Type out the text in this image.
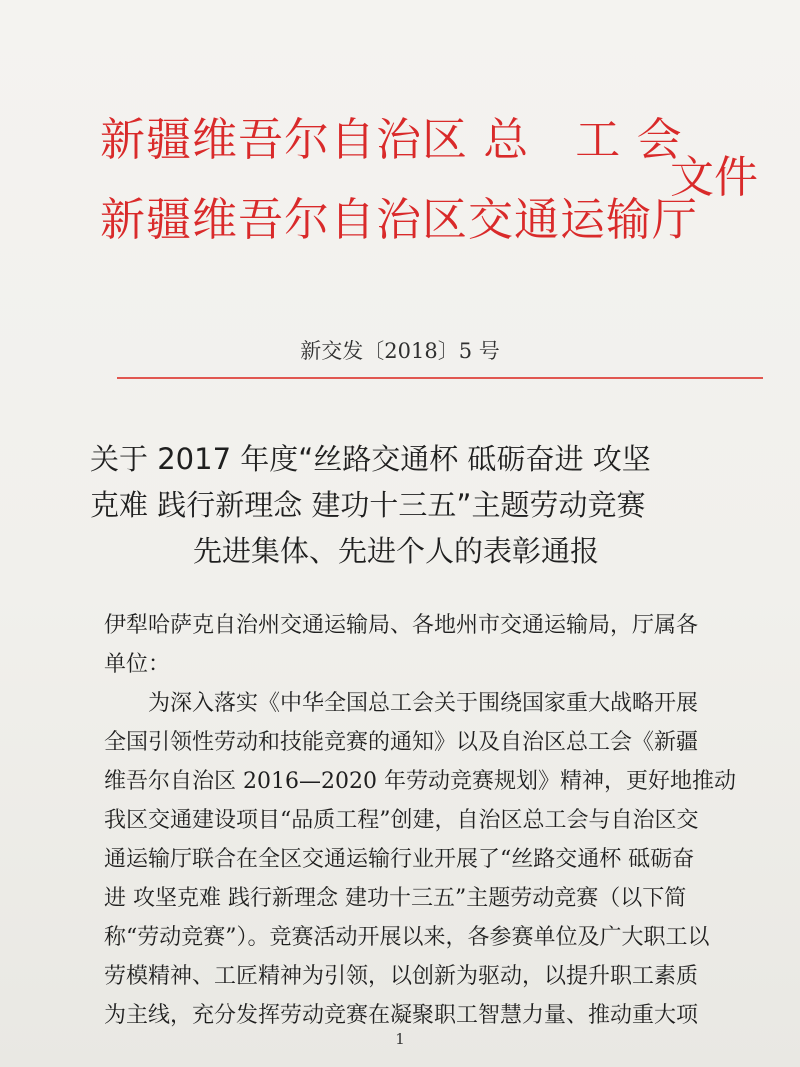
新疆维吾尔自治区 总　工 会
新疆维吾尔自治区交通运输厅
文件
新交发〔2018〕5 号
关于 2017 年度“丝路交通杯 砥砺奋进 攻坚
克难 践行新理念 建功十三五”主题劳动竞赛
先进集体、先进个人的表彰通报
伊犁哈萨克自治州交通运输局、各地州市交通运输局，厅属各
单位：
为深入落实《中华全国总工会关于围绕国家重大战略开展
全国引领性劳动和技能竞赛的通知》以及自治区总工会《新疆
维吾尔自治区 2016—2020 年劳动竞赛规划》精神，更好地推动
我区交通建设项目“品质工程”创建，自治区总工会与自治区交
通运输厅联合在全区交通运输行业开展了“丝路交通杯 砥砺奋
进 攻坚克难 践行新理念 建功十三五”主题劳动竞赛（以下简
称“劳动竞赛”）。竞赛活动开展以来，各参赛单位及广大职工以
劳模精神、工匠精神为引领，以创新为驱动，以提升职工素质
为主线，充分发挥劳动竞赛在凝聚职工智慧力量、推动重大项
1
